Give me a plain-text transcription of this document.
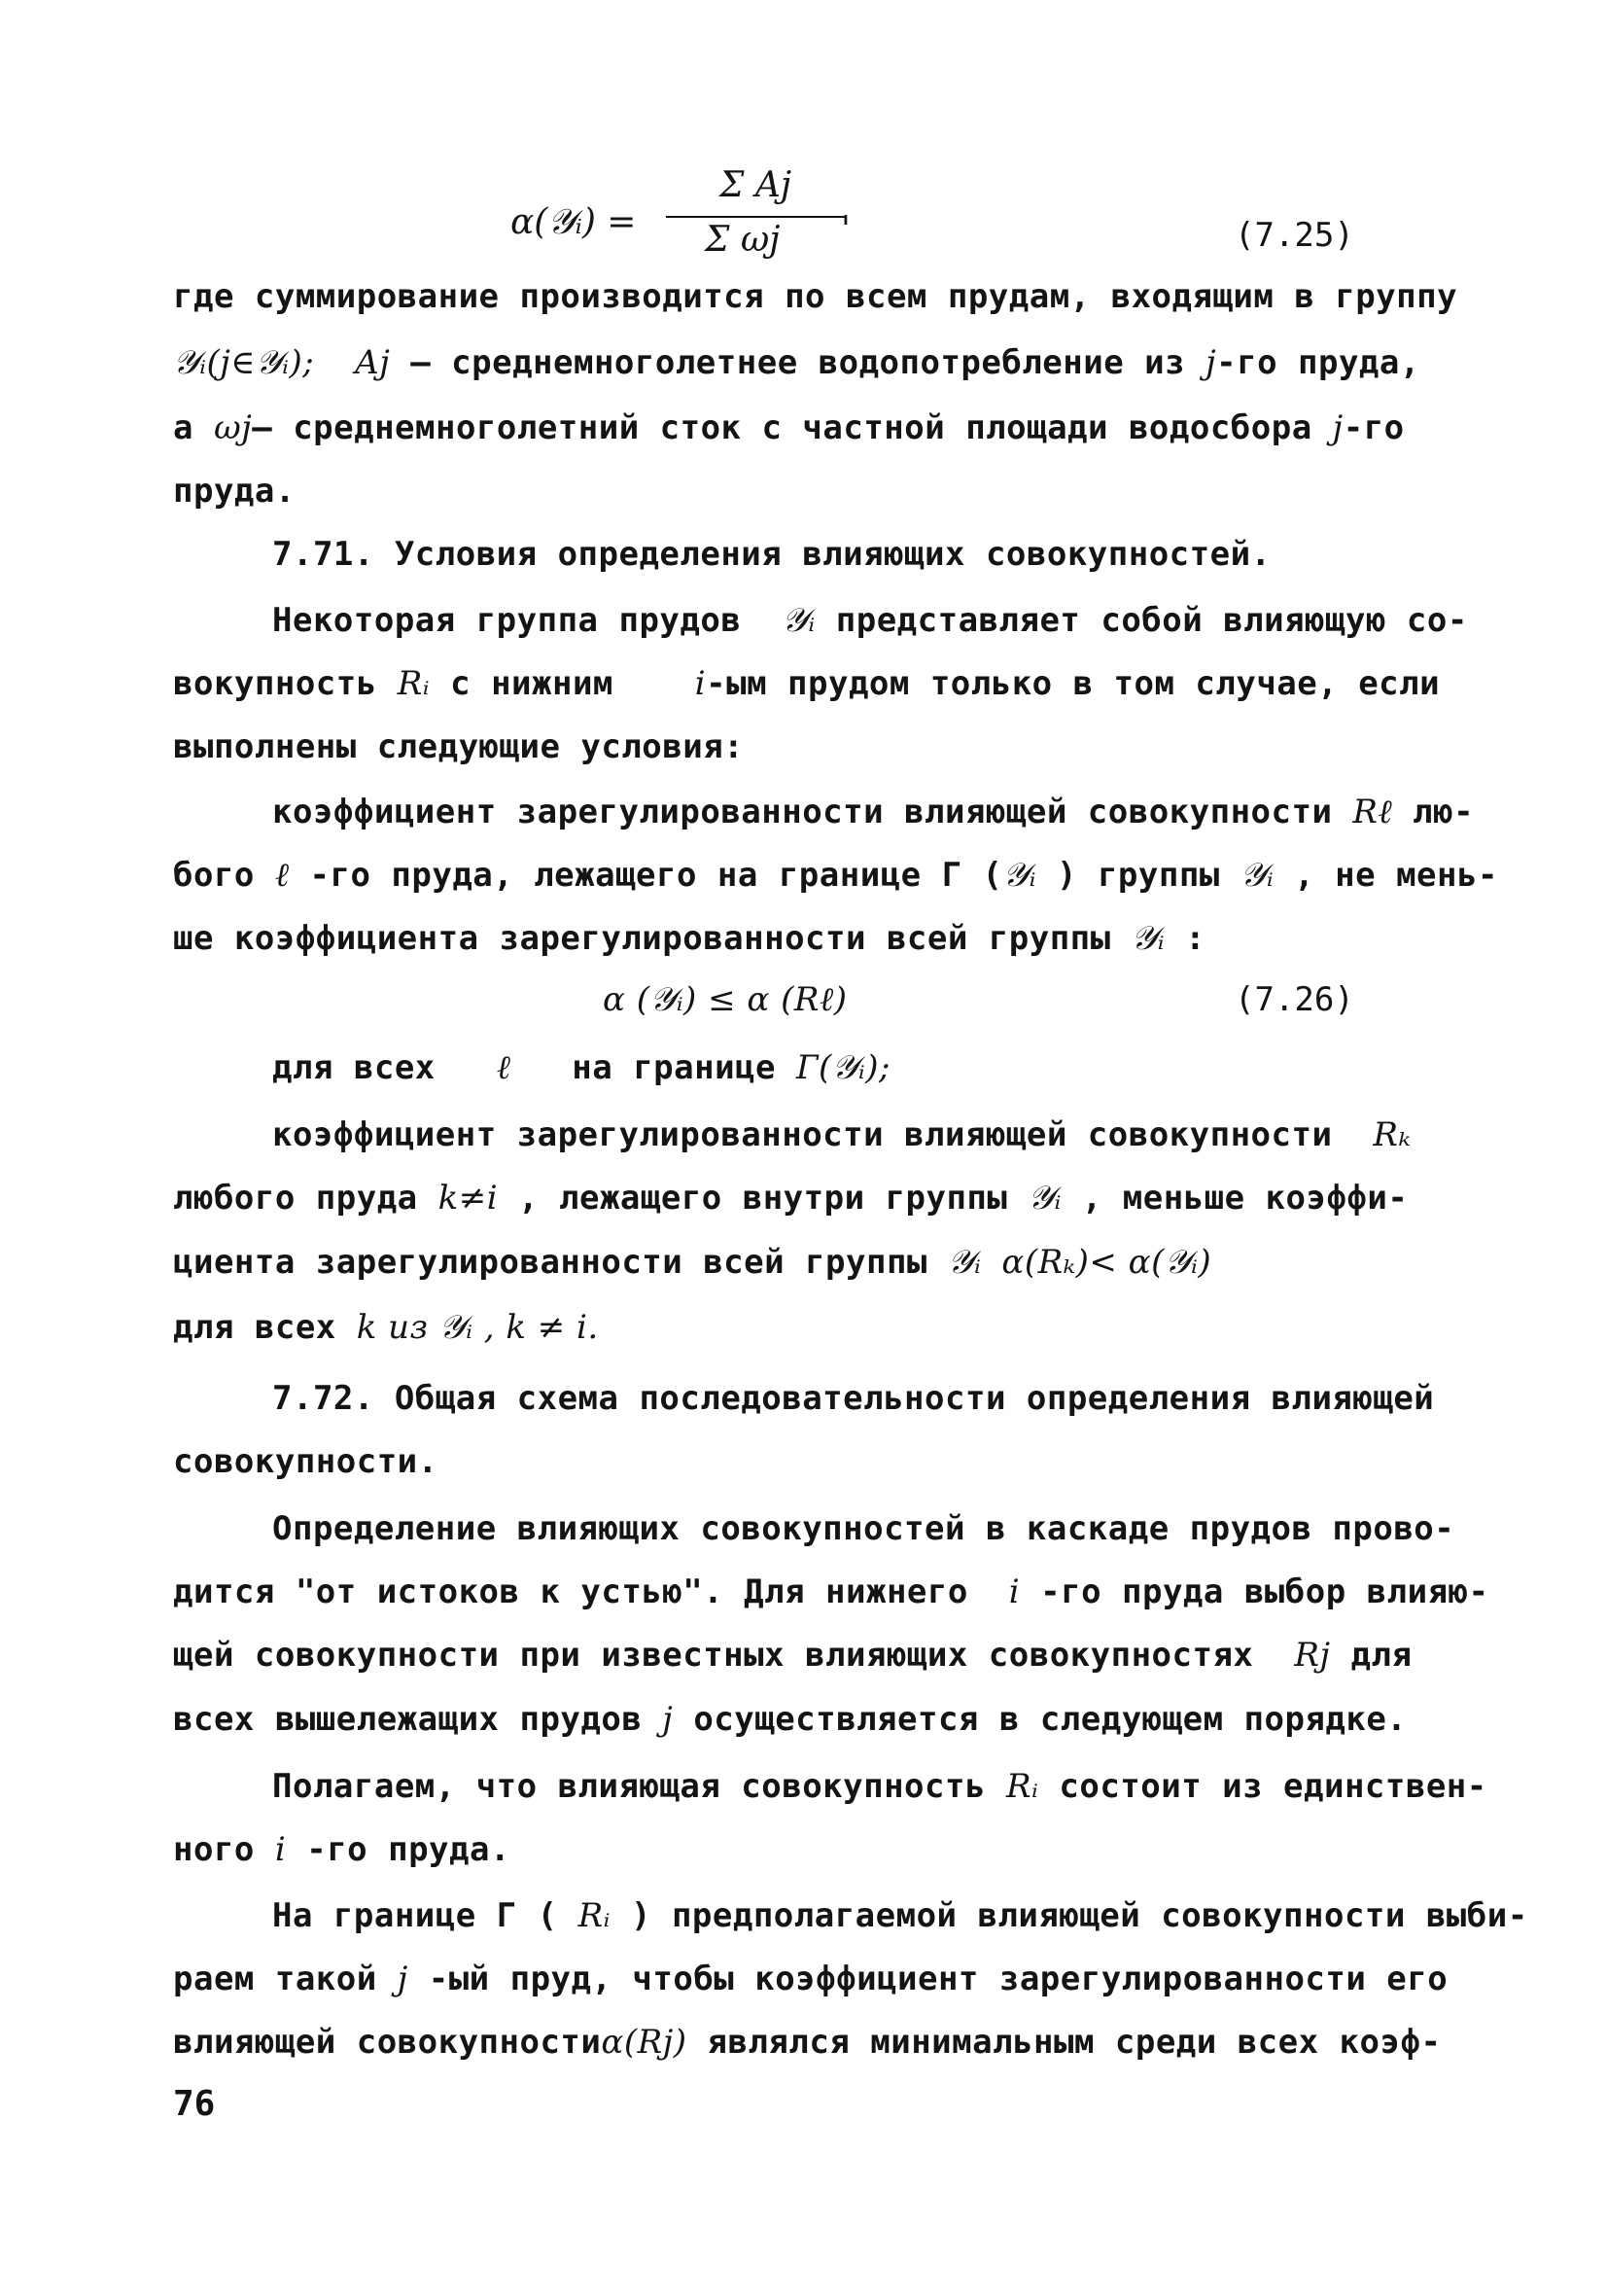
α(𝒴ᵢ) =
Σ Aj
Σ ωj '	(7.25)
где суммирование производится по всем прудам, входящим в группу
𝒴ᵢ(j∈𝒴ᵢ); Aj – среднемноголетнее водопотребление из j-го пруда,
а ωj– среднемноголетний сток с частной площади водосбора j-го
пруда.
7.71. Условия определения влияющих совокупностей.
Некоторая группа прудов 𝒴ᵢ представляет собой влияющую со-
вокупность Rᵢ с нижним i-ым прудом только в том случае, если
выполнены следующие условия:
коэффициент зарегулированности влияющей совокупности Rℓ лю-
бого ℓ -го пруда, лежащего на границе Г (𝒴ᵢ ) группы 𝒴ᵢ , не мень-
ше коэффициента зарегулированности всей группы 𝒴ᵢ :
α (𝒴ᵢ) ≤ α (Rℓ)	(7.26)
для всех ℓ на границе Г(𝒴ᵢ);
коэффициент зарегулированности влияющей совокупности Rₖ
любого пруда k≠i , лежащего внутри группы 𝒴ᵢ , меньше коэффи-
циента зарегулированности всей группы 𝒴ᵢ α(Rₖ)< α(𝒴ᵢ)
для всех k из 𝒴ᵢ , k ≠ i.
7.72. Общая схема последовательности определения влияющей
совокупности.
Определение влияющих совокупностей в каскаде прудов прово-
дится "от истоков к устью". Для нижнего i -го пруда выбор влияю-
щей совокупности при известных влияющих совокупностях Rj для
всех вышележащих прудов j осуществляется в следующем порядке.
Полагаем, что влияющая совокупность Rᵢ состоит из единствен-
ного i -го пруда.
На границе Г ( Rᵢ ) предполагаемой влияющей совокупности выби-
раем такой j -ый пруд, чтобы коэффициент зарегулированности его
влияющей совокупностиα(Rj) являлся минимальным среди всех коэф-
76
